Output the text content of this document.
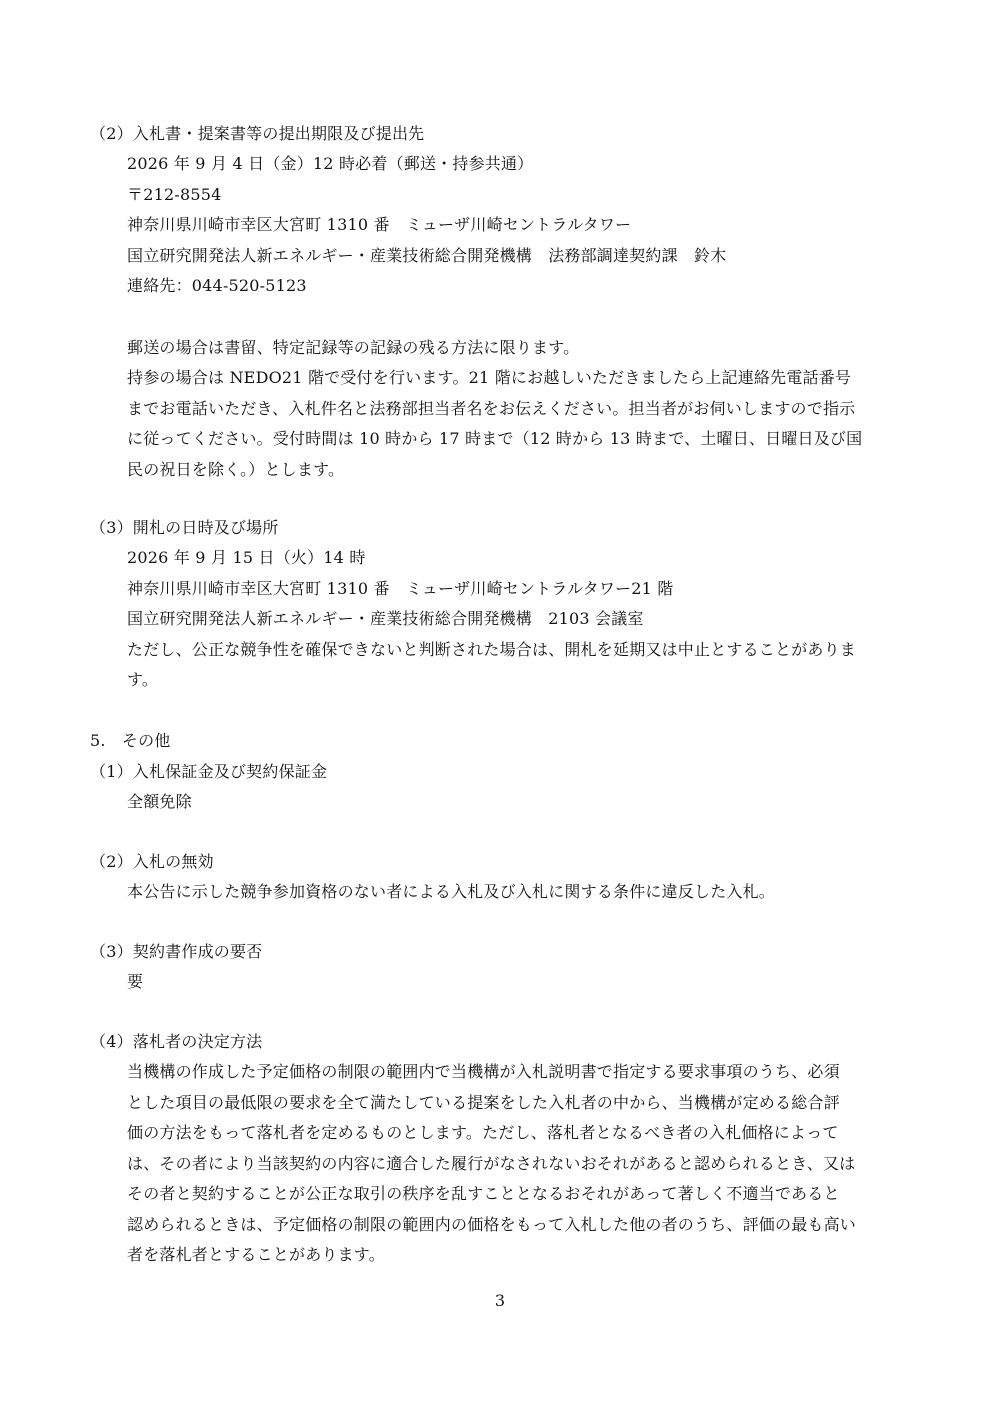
（2）入札書・提案書等の提出期限及び提出先
2026 年 9 月 4 日（金）12 時必着（郵送・持参共通）
〒212-8554
神奈川県川崎市幸区大宮町 1310 番　ミューザ川崎セントラルタワー
国立研究開発法人新エネルギー・産業技術総合開発機構　法務部調達契約課　鈴木
連絡先：044-520-5123
郵送の場合は書留、特定記録等の記録の残る方法に限ります。
持参の場合は NEDO21 階で受付を行います。21 階にお越しいただきましたら上記連絡先電話番号
までお電話いただき、入札件名と法務部担当者名をお伝えください。担当者がお伺いしますので指示
に従ってください。受付時間は 10 時から 17 時まで（12 時から 13 時まで、土曜日、日曜日及び国
民の祝日を除く。）とします。
（3）開札の日時及び場所
2026 年 9 月 15 日（火）14 時
神奈川県川崎市幸区大宮町 1310 番　ミューザ川崎セントラルタワー21 階
国立研究開発法人新エネルギー・産業技術総合開発機構　2103 会議室
ただし、公正な競争性を確保できないと判断された場合は、開札を延期又は中止とすることがありま
す。
5.　その他
（1）入札保証金及び契約保証金
全額免除
（2）入札の無効
本公告に示した競争参加資格のない者による入札及び入札に関する条件に違反した入札。
（3）契約書作成の要否
要
（4）落札者の決定方法
当機構の作成した予定価格の制限の範囲内で当機構が入札説明書で指定する要求事項のうち、必須
とした項目の最低限の要求を全て満たしている提案をした入札者の中から、当機構が定める総合評
価の方法をもって落札者を定めるものとします。ただし、落札者となるべき者の入札価格によって
は、その者により当該契約の内容に適合した履行がなされないおそれがあると認められるとき、又は
その者と契約することが公正な取引の秩序を乱すこととなるおそれがあって著しく不適当であると
認められるときは、予定価格の制限の範囲内の価格をもって入札した他の者のうち、評価の最も高い
者を落札者とすることがあります。
3
